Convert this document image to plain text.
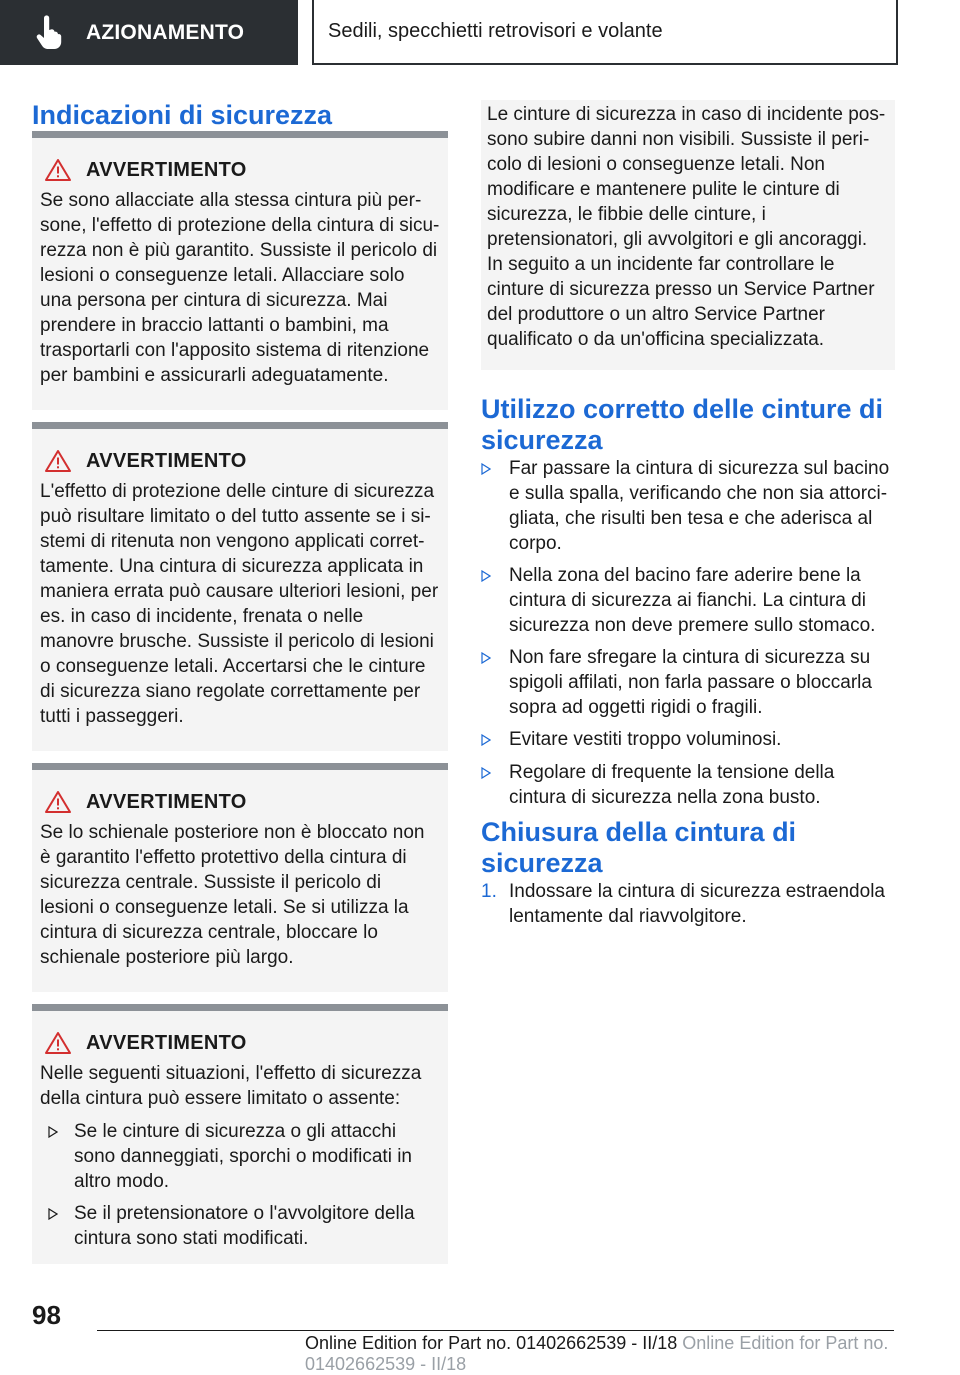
AZIONAMENTO	Sedili, specchietti retrovisori e volante
Indicazioni di sicurezza
AVVERTIMENTO
Se sono allacciate alla stessa cintura più persone, l'effetto di protezione della cintura di sicurezza non è più garantito. Sussiste il pericolo di lesioni o conseguenze letali. Allacciare solo una persona per cintura di sicurezza. Mai prendere in braccio lattanti o bambini, ma trasportarli con l'apposito sistema di ritenzione per bambini e assicurarli adeguatamente.
AVVERTIMENTO
L'effetto di protezione delle cinture di sicurezza può risultare limitato o del tutto assente se i sistemi di ritenuta non vengono applicati correttamente. Una cintura di sicurezza applicata in maniera errata può causare ulteriori lesioni, per es. in caso di incidente, frenata o nelle manovre brusche. Sussiste il pericolo di lesioni o conseguenze letali. Accertarsi che le cinture di sicurezza siano regolate correttamente per tutti i passeggeri.
AVVERTIMENTO
Se lo schienale posteriore non è bloccato non è garantito l'effetto protettivo della cintura di sicurezza centrale. Sussiste il pericolo di lesioni o conseguenze letali. Se si utilizza la cintura di sicurezza centrale, bloccare lo schienale posteriore più largo.
AVVERTIMENTO
Nelle seguenti situazioni, l'effetto di sicurezza della cintura può essere limitato o assente:
Se le cinture di sicurezza o gli attacchi sono danneggiati, sporchi o modificati in altro modo.
Se il pretensionatore o l'avvolgitore della cintura sono stati modificati.
Le cinture di sicurezza in caso di incidente possono subire danni non visibili. Sussiste il pericolo di lesioni o conseguenze letali. Non modificare e mantenere pulite le cinture di sicurezza, le fibbie delle cinture, i pretensionatori, gli avvolgitori e gli ancoraggi. In seguito a un incidente far controllare le cinture di sicurezza presso un Service Partner del produttore o un altro Service Partner qualificato o da un'officina specializzata.
Utilizzo corretto delle cinture di sicurezza
Far passare la cintura di sicurezza sul bacino e sulla spalla, verificando che non sia attorcigliata, che risulti ben tesa e che aderisca al corpo.
Nella zona del bacino fare aderire bene la cintura di sicurezza ai fianchi. La cintura di sicurezza non deve premere sullo stomaco.
Non fare sfregare la cintura di sicurezza su spigoli affilati, non farla passare o bloccarla sopra ad oggetti rigidi o fragili.
Evitare vestiti troppo voluminosi.
Regolare di frequente la tensione della cintura di sicurezza nella zona busto.
Chiusura della cintura di sicurezza
1. Indossare la cintura di sicurezza estraendola lentamente dal riavvolgitore.
98
Online Edition for Part no. 01402662539 - II/18 Online Edition for Part no. 01402662539 - II/18
